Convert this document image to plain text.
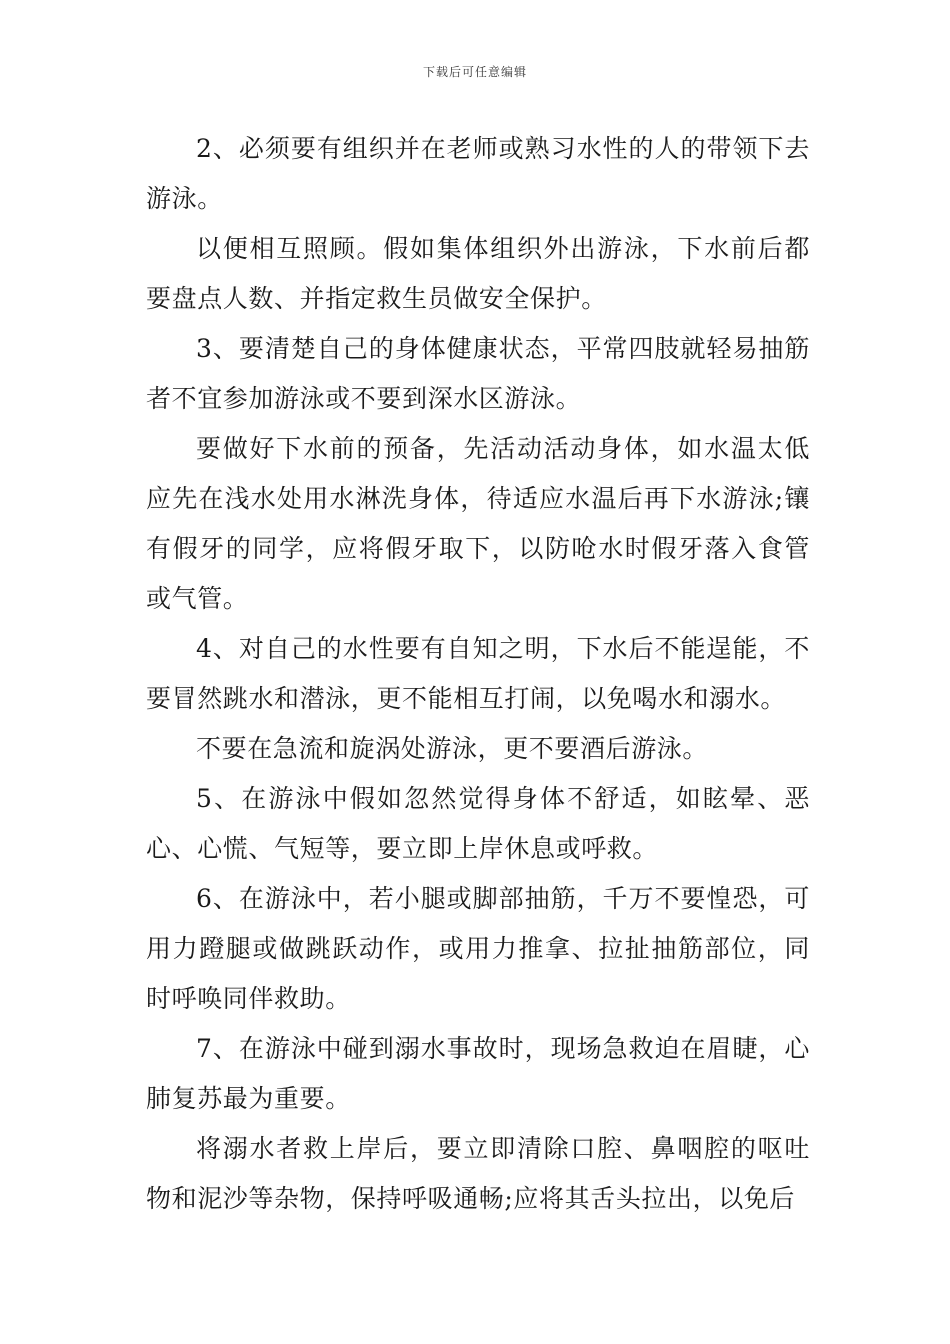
下载后可任意编辑

2、必须要有组织并在老师或熟习水性的人的带领下去游泳。

以便相互照顾。假如集体组织外出游泳，下水前后都要盘点人数、并指定救生员做安全保护。

3、要清楚自己的身体健康状态，平常四肢就轻易抽筋者不宜参加游泳或不要到深水区游泳。

要做好下水前的预备，先活动活动身体，如水温太低应先在浅水处用水淋洗身体，待适应水温后再下水游泳;镶有假牙的同学，应将假牙取下，以防呛水时假牙落入食管或气管。

4、对自己的水性要有自知之明，下水后不能逞能，不要冒然跳水和潜泳，更不能相互打闹，以免喝水和溺水。

不要在急流和旋涡处游泳，更不要酒后游泳。

5、在游泳中假如忽然觉得身体不舒适，如眩晕、恶心、心慌、气短等，要立即上岸休息或呼救。

6、在游泳中，若小腿或脚部抽筋，千万不要惶恐，可用力蹬腿或做跳跃动作，或用力推拿、拉扯抽筋部位，同时呼唤同伴救助。

7、在游泳中碰到溺水事故时，现场急救迫在眉睫，心肺复苏最为重要。

将溺水者救上岸后，要立即清除口腔、鼻咽腔的呕吐物和泥沙等杂物，保持呼吸通畅;应将其舌头拉出，以免后
